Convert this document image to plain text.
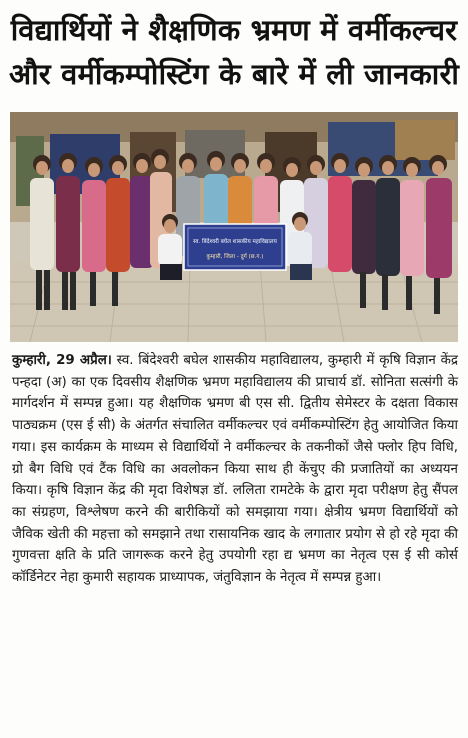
विद्यार्थियों ने शैक्षणिक भ्रमण में वर्मीकल्चर
और वर्मीकम्पोस्टिंग के बारे में ली जानकारी
स्व. बिंदेश्वरी बघेल शासकीय महाविद्यालय
कुम्हारी, जिला - दुर्ग (छ.ग.)

कुम्हारी, 29 अप्रैल। स्व. बिंदेश्वरी बघेल शासकीय महाविद्यालय, कुम्हारी में कृषि विज्ञान केंद्र पन्हदा (अ) का एक दिवसीय शैक्षणिक भ्रमण महाविद्यालय की प्राचार्य डॉ. सोनिता सत्संगी के मार्गदर्शन में सम्पन्न हुआ। यह शैक्षणिक भ्रमण बी एस सी. द्वितीय सेमेस्टर के दक्षता विकास पाठ्यक्रम (एस ई सी) के अंतर्गत संचालित वर्मीकल्चर एवं वर्मीकम्पोस्टिंग हेतु आयोजित किया गया। इस कार्यक्रम के माध्यम से विद्यार्थियों ने वर्मीकल्चर के तकनीकों जैसे फ्लोर हिप विधि, ग्रो बैग विधि एवं टैंक विधि का अवलोकन किया साथ ही केंचुए की प्रजातियों का अध्ययन किया। कृषि विज्ञान केंद्र की मृदा विशेषज्ञ डॉ. ललिता रामटेके के द्वारा मृदा परीक्षण हेतु सैंपल का संग्रहण, विश्लेषण करने की बारीकियों को समझाया गया। क्षेत्रीय भ्रमण विद्यार्थियों को जैविक खेती की महत्ता को समझाने तथा रासायनिक खाद के लगातार प्रयोग से हो रहे मृदा की गुणवत्ता क्षति के प्रति जागरूक करने हेतु उपयोगी रहा द्य भ्रमण का नेतृत्व एस ई सी कोर्स कॉर्डिनेटर नेहा कुमारी सहायक प्राध्यापक, जंतुविज्ञान के नेतृत्व में सम्पन्न हुआ।
